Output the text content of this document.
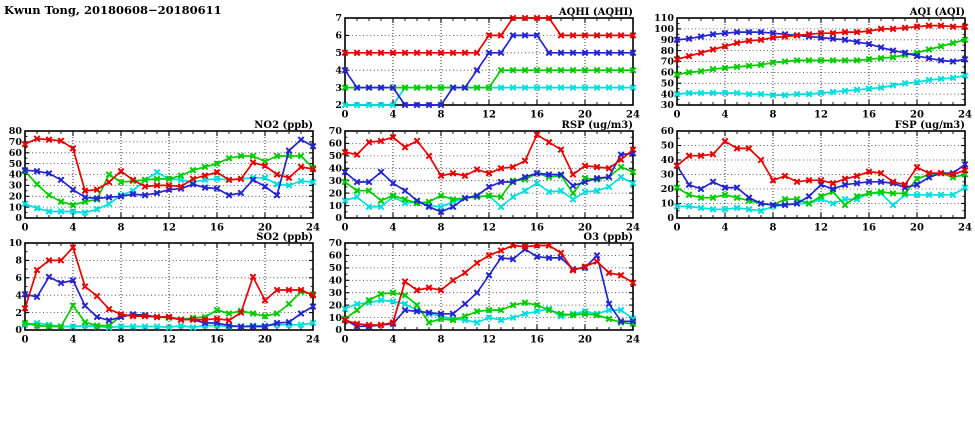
Kwun Tong, 20180608−20180611
2
3
4
5
6
7
0	4	8	12	16	20	24
AQHI (AQHI)
30
40
50
60
70
80
90
100
110
0	4	8	12	16	20	24
AQI (AQI)
0
10
20
30
40
50
60
70
80
0	4	8	12	16	20	24
NO2 (ppb)
0
10
20
30
40
50
60
70
0	4	8	12	16	20	24
RSP (ug/m3)
0
10
20
30
40
50
60
0	4	8	12	16	20	24
FSP (ug/m3)
0
2
4
6
8
10
0	4	8	12	16	20	24
SO2 (ppb)
0
10
20
30
40
50
60
70
0	4	8	12	16	20	24
O3 (ppb)
